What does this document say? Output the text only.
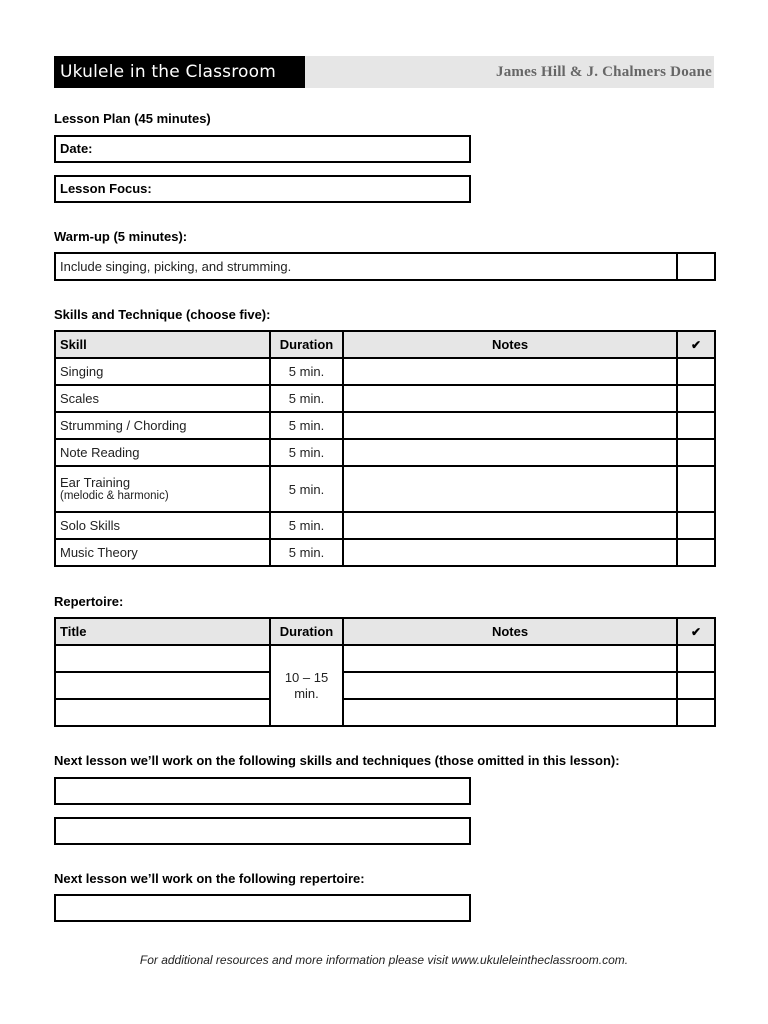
Ukulele in the Classroom	James Hill & J. Chalmers Doane
Lesson Plan (45 minutes)
Date:
Lesson Focus:
Warm-up (5 minutes):
Include singing, picking, and strumming.	
Skills and Technique (choose five):
Skill	Duration	Notes	✔
Singing	5 min.		
Scales	5 min.		
Strumming / Chording	5 min.		
Note Reading	5 min.		

Ear Training
(melodic & harmonic)	5 min.		
Solo Skills	5 min.		
Music Theory	5 min.		
Repertoire:
Title	Duration	Notes	✔
	10 – 15 min.		

Next lesson we’ll work on the following skills and techniques (those omitted in this lesson):
Next lesson we’ll work on the following repertoire:
For additional resources and more information please visit www.ukuleleintheclassroom.com.
